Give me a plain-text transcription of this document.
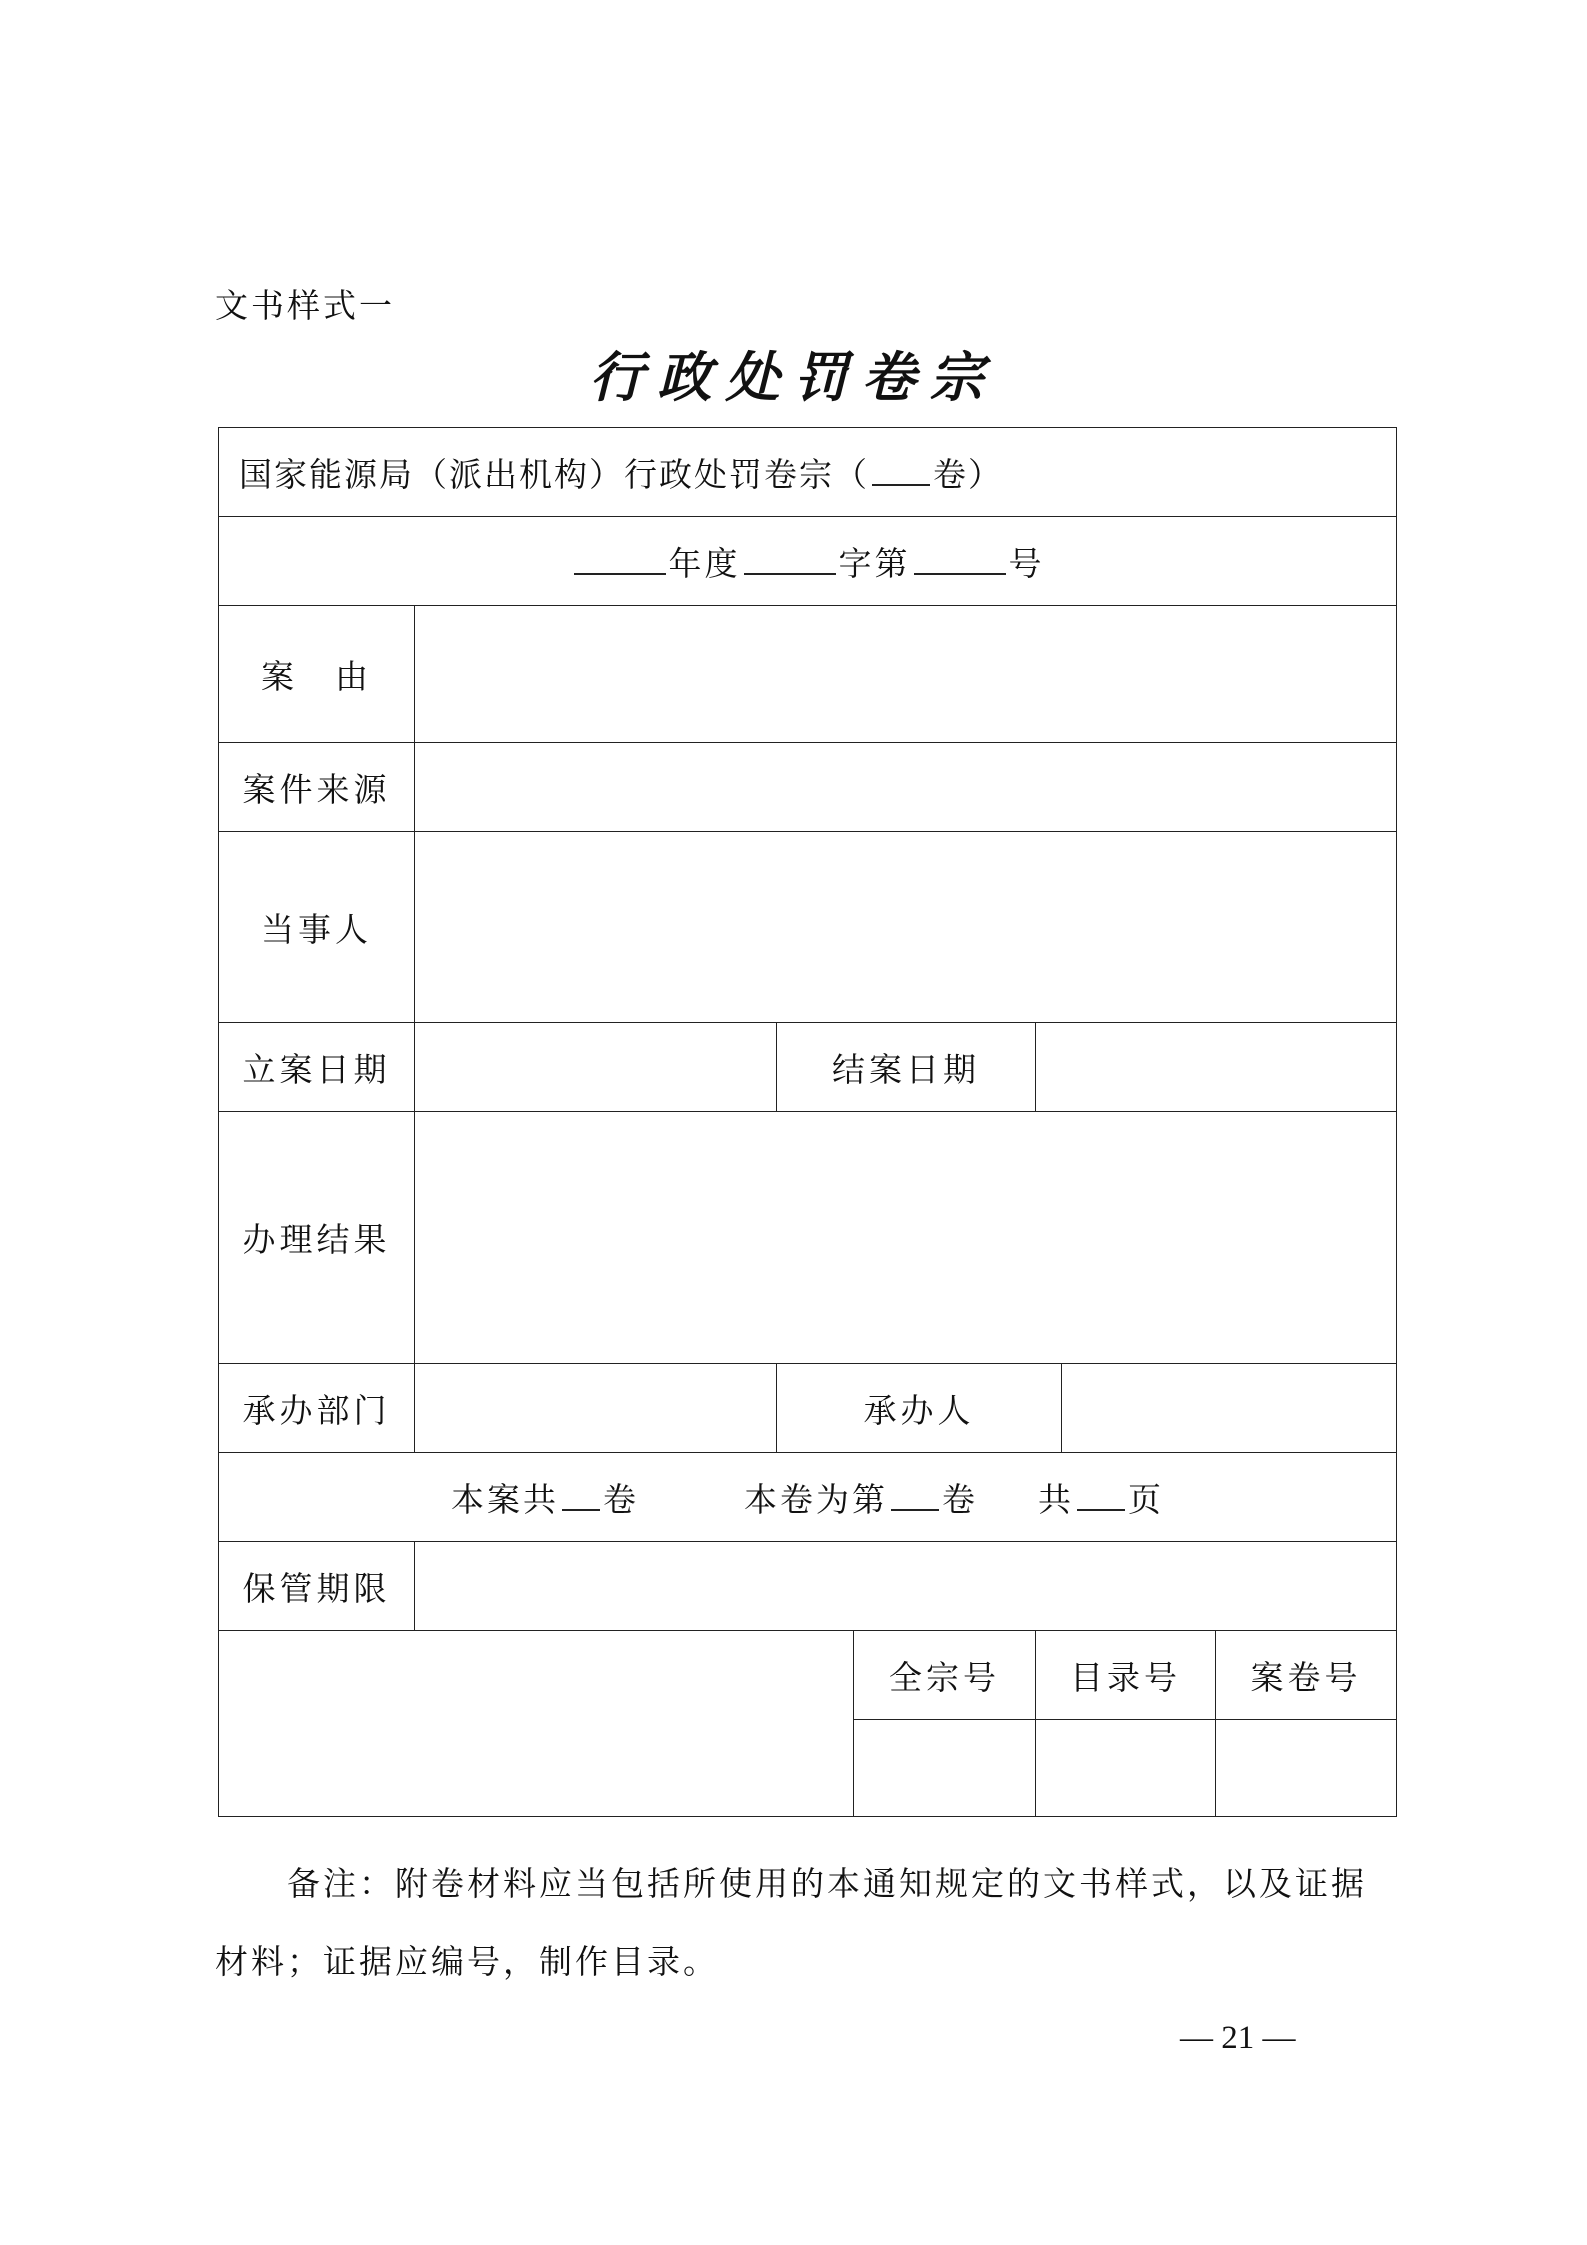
文书样式一
行政处罚卷宗
国家能源局（派出机构）行政处罚卷宗（ 卷）						
年度 字第 号						
案　由						
案件来源						
当事人						
立案日期		结案日期				
办理结果						
承办部门		承办人				
本案共 卷 本卷为第 卷 共 页						
保管期限						
			全宗号	目录号		案卷号

备注：附卷材料应当包括所使用的本通知规定的文书样式，以及证据材料；证据应编号，制作目录。
— 21 —
